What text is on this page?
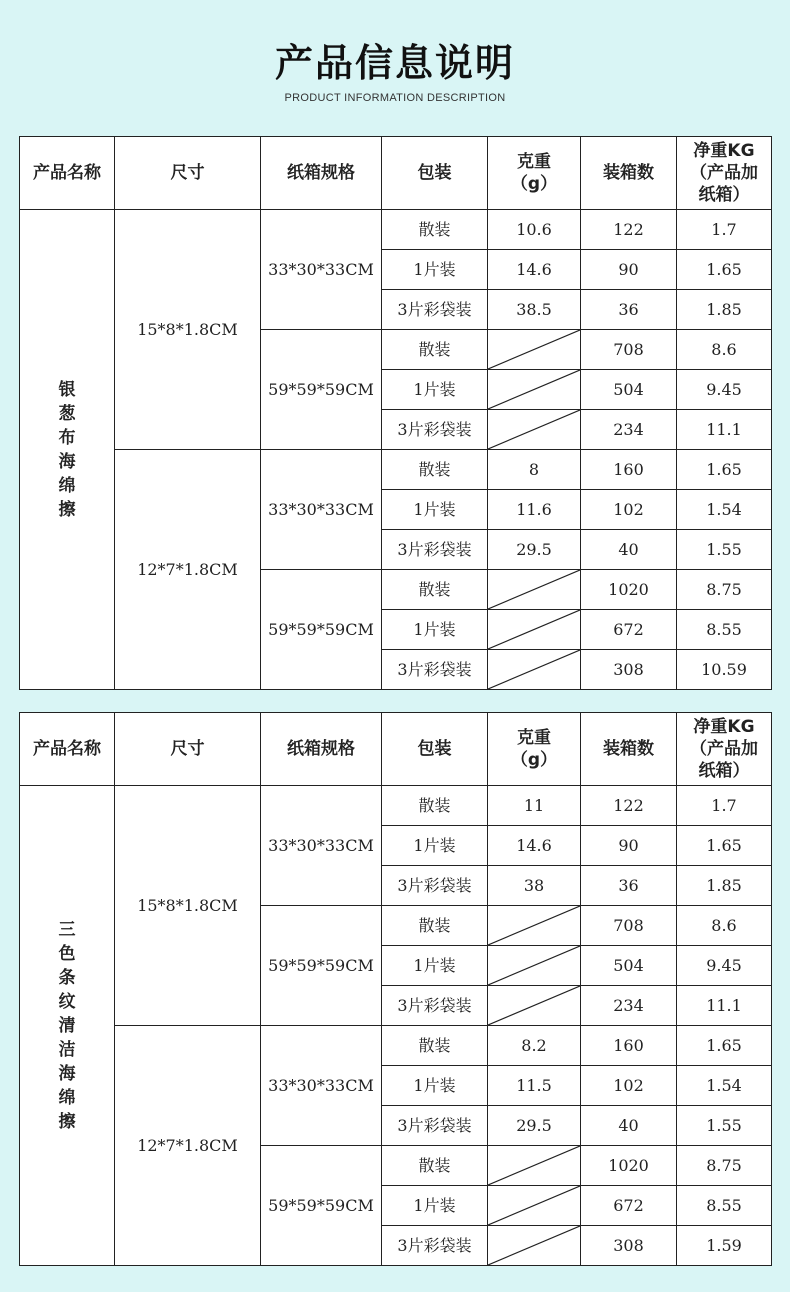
产品信息说明
PRODUCT INFORMATION DESCRIPTION
产品名称	尺寸	纸箱规格	包装	克重（g）	装箱数	净重KG（产品加纸箱）
银葱布海绵擦	15*8*1.8CM	33*30*33CM	散装	10.6	122	1.7
			1片装	14.6	90	1.65
			3片彩袋装	38.5	36	1.85
		59*59*59CM	散装		708	8.6
			1片装		504	9.45
			3片彩袋装		234	11.1
	12*7*1.8CM	33*30*33CM	散装	8	160	1.65
			1片装	11.6	102	1.54
			3片彩袋装	29.5	40	1.55
		59*59*59CM	散装		1020	8.75
			1片装		672	8.55
			3片彩袋装		308	10.59
产品名称	尺寸	纸箱规格	包装	克重（g）	装箱数	净重KG（产品加纸箱）
三色条纹清洁海绵擦	15*8*1.8CM	33*30*33CM	散装	11	122	1.7
			1片装	14.6	90	1.65
			3片彩袋装	38	36	1.85
		59*59*59CM	散装		708	8.6
			1片装		504	9.45
			3片彩袋装		234	11.1
	12*7*1.8CM	33*30*33CM	散装	8.2	160	1.65
			1片装	11.5	102	1.54
			3片彩袋装	29.5	40	1.55
		59*59*59CM	散装		1020	8.75
			1片装		672	8.55
			3片彩袋装		308	1.59
